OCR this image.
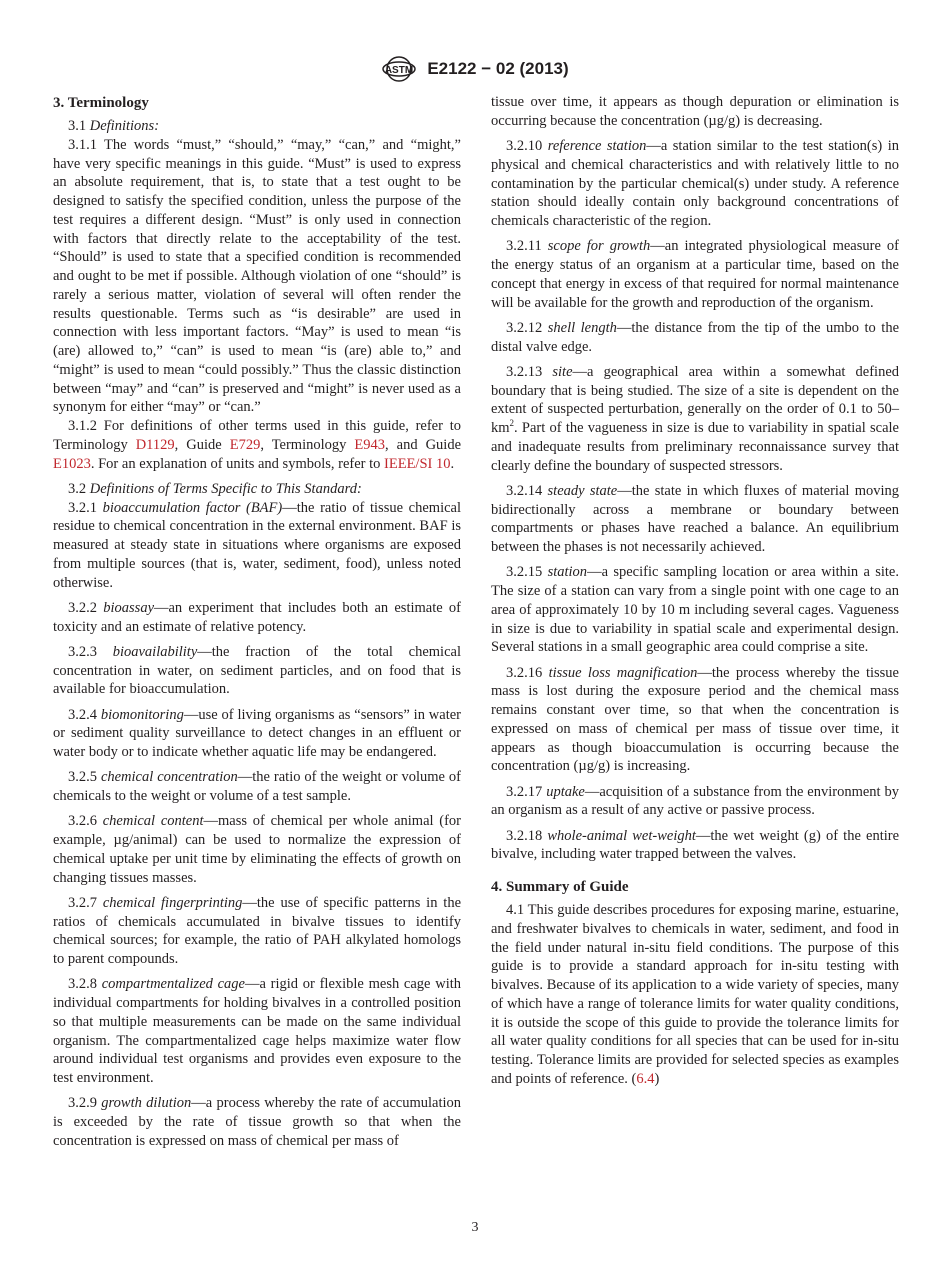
ASTM E2122 − 02 (2013)
3. Terminology

3.1 Definitions:

3.1.1 The words “must,” “should,” “may,” “can,” and “might,” have very specific meanings in this guide. “Must” is used to express an absolute requirement, that is, to state that a test ought to be designed to satisfy the specified condition, unless the purpose of the test requires a different design. “Must” is only used in connection with factors that directly relate to the acceptability of the test. “Should” is used to state that a specified condition is recommended and ought to be met if possible. Although violation of one “should” is rarely a serious matter, violation of several will often render the results questionable. Terms such as “is desirable” are used in connection with less important factors. “May” is used to mean “is (are) allowed to,” “can” is used to mean “is (are) able to,” and “might” is used to mean “could possibly.” Thus the classic distinction between “may” and “can” is preserved and “might” is never used as a synonym for either “may” or “can.”

3.1.2 For definitions of other terms used in this guide, refer to Terminology D1129, Guide E729, Terminology E943, and Guide E1023. For an explanation of units and symbols, refer to IEEE/SI 10.

3.2 Definitions of Terms Specific to This Standard:

3.2.1 bioaccumulation factor (BAF)—the ratio of tissue chemical residue to chemical concentration in the external environment. BAF is measured at steady state in situations where organisms are exposed from multiple sources (that is, water, sediment, food), unless noted otherwise.

3.2.2 bioassay—an experiment that includes both an estimate of toxicity and an estimate of relative potency.

3.2.3 bioavailability—the fraction of the total chemical concentration in water, on sediment particles, and on food that is available for bioaccumulation.

3.2.4 biomonitoring—use of living organisms as “sensors” in water or sediment quality surveillance to detect changes in an effluent or water body or to indicate whether aquatic life may be endangered.

3.2.5 chemical concentration—the ratio of the weight or volume of chemicals to the weight or volume of a test sample.

3.2.6 chemical content—mass of chemical per whole animal (for example, µg/animal) can be used to normalize the expression of chemical uptake per unit time by eliminating the effects of growth on changing tissues masses.

3.2.7 chemical fingerprinting—the use of specific patterns in the ratios of chemicals accumulated in bivalve tissues to identify chemical sources; for example, the ratio of PAH alkylated homologs to parent compounds.

3.2.8 compartmentalized cage—a rigid or flexible mesh cage with individual compartments for holding bivalves in a controlled position so that multiple measurements can be made on the same individual organism. The compartmentalized cage helps maximize water flow around individual test organisms and provides even exposure to the test environment.

3.2.9 growth dilution—a process whereby the rate of accumulation is exceeded by the rate of tissue growth so that when the concentration is expressed on mass of chemical per mass of

tissue over time, it appears as though depuration or elimination is occurring because the concentration (µg/g) is decreasing.

3.2.10 reference station—a station similar to the test station(s) in physical and chemical characteristics and with relatively little to no contamination by the particular chemical(s) under study. A reference station should ideally contain only background concentrations of chemicals characteristic of the region.

3.2.11 scope for growth—an integrated physiological measure of the energy status of an organism at a particular time, based on the concept that energy in excess of that required for normal maintenance will be available for the growth and reproduction of the organism.

3.2.12 shell length—the distance from the tip of the umbo to the distal valve edge.

3.2.13 site—a geographical area within a somewhat defined boundary that is being studied. The size of a site is dependent on the extent of suspected perturbation, generally on the order of 0.1 to $50-km^2$. Part of the vagueness in size is due to variability in spatial scale and inadequate results from preliminary reconnaissance survey that clearly define the boundary of suspected stressors.

3.2.14 steady state—the state in which fluxes of material moving bidirectionally across a membrane or boundary between compartments or phases have reached a balance. An equilibrium between the phases is not necessarily achieved.

3.2.15 station—a specific sampling location or area within a site. The size of a station can vary from a single point with one cage to an area of approximately 10 by 10 m including several cages. Vagueness in size is due to variability in spatial scale and experimental design. Several stations in a small geographic area could comprise a site.

3.2.16 tissue loss magnification—the process whereby the tissue mass is lost during the exposure period and the chemical mass remains constant over time, so that when the concentration is expressed on mass of chemical per mass of tissue over time, it appears as though bioaccumulation is occurring because the concentration (µg/g) is increasing.

3.2.17 uptake—acquisition of a substance from the environment by an organism as a result of any active or passive process.

3.2.18 whole-animal wet-weight—the wet weight (g) of the entire bivalve, including water trapped between the valves.

4. Summary of Guide

4.1 This guide describes procedures for exposing marine, estuarine, and freshwater bivalves to chemicals in water, sediment, and food in the field under natural in-situ field conditions. The purpose of this guide is to provide a standard approach for in-situ testing with bivalves. Because of its application to a wide variety of species, many of which have a range of tolerance limits for water quality conditions, it is outside the scope of this guide to provide the tolerance limits for all water quality conditions for all species that can be used for in-situ testing. Tolerance limits are provided for selected species as examples and points of reference. (6.4)

3
